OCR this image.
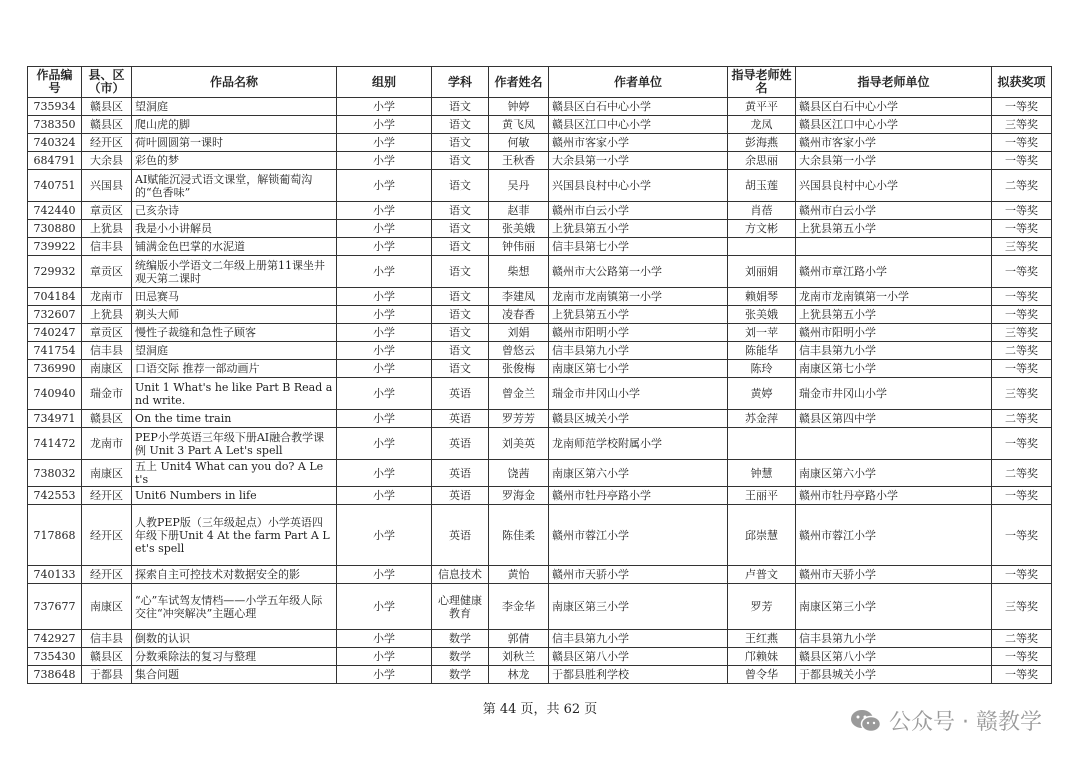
作品编号	县、区（市）	作品名称	组别	学科	作者姓名	作者单位	指导老师姓名	指导老师单位	拟获奖项
735934	赣县区	望洞庭	小学	语文	钟婷	赣县区白石中心小学	黄平平	赣县区白石中心小学	一等奖
738350	赣县区	爬山虎的脚	小学	语文	黄飞凤	赣县区江口中心小学	龙凤	赣县区江口中心小学	三等奖
740324	经开区	荷叶圆圆第一课时	小学	语文	何敏	赣州市客家小学	彭海燕	赣州市客家小学	一等奖
684791	大余县	彩色的梦	小学	语文	王秋香	大余县第一小学	余思丽	大余县第一小学	一等奖
740751	兴国县	AI赋能沉浸式语文课堂，解锁葡萄沟的“色香味”	小学	语文	吴丹	兴国县良村中心小学	胡玉莲	兴国县良村中心小学	二等奖
742440	章贡区	己亥杂诗	小学	语文	赵菲	赣州市白云小学	肖蓓	赣州市白云小学	一等奖
730880	上犹县	我是小小讲解员	小学	语文	张美娥	上犹县第五小学	方文彬	上犹县第五小学	一等奖
739922	信丰县	铺满金色巴掌的水泥道	小学	语文	钟伟丽	信丰县第七小学			三等奖
729932	章贡区	统编版小学语文二年级上册第11课坐井观天第二课时	小学	语文	柴想	赣州市大公路第一小学	刘丽娟	赣州市章江路小学	一等奖
704184	龙南市	田忌赛马	小学	语文	李建凤	龙南市龙南镇第一小学	赖娟琴	龙南市龙南镇第一小学	一等奖
732607	上犹县	剃头大师	小学	语文	凌春香	上犹县第五小学	张美娥	上犹县第五小学	一等奖
740247	章贡区	慢性子裁缝和急性子顾客	小学	语文	刘娟	赣州市阳明小学	刘一苹	赣州市阳明小学	三等奖
741754	信丰县	望洞庭	小学	语文	曾悠云	信丰县第九小学	陈能华	信丰县第九小学	二等奖
736990	南康区	口语交际 推荐一部动画片	小学	语文	张俊梅	南康区第七小学	陈玲	南康区第七小学	一等奖
740940	瑞金市	Unit 1 What's he like Part B Read and write.	小学	英语	曾金兰	瑞金市井冈山小学	黄婷	瑞金市井冈山小学	三等奖
734971	赣县区	On the time train	小学	英语	罗芳芳	赣县区城关小学	苏金萍	赣县区第四中学	二等奖
741472	龙南市	PEP小学英语三年级下册AI融合教学课例 Unit 3 Part A Let's spell	小学	英语	刘美英	龙南师范学校附属小学			一等奖
738032	南康区	五上 Unit4 What can you do? A Let's	小学	英语	饶茜	南康区第六小学	钟慧	南康区第六小学	二等奖
742553	经开区	Unit6 Numbers in life	小学	英语	罗海金	赣州市牡丹亭路小学	王丽平	赣州市牡丹亭路小学	一等奖
717868	经开区	人教PEP版（三年级起点）小学英语四年级下册Unit 4 At the farm Part A Let's spell	小学	英语	陈佳柔	赣州市蓉江小学	邱崇慧	赣州市蓉江小学	一等奖
740133	经开区	探索自主可控技术对数据安全的影	小学	信息技术	黄怡	赣州市天骄小学	卢普文	赣州市天骄小学	一等奖
737677	南康区	“心”车试驾友情档——小学五年级人际交往“冲突解决”主题心理	小学	心理健康教育	李金华	南康区第三小学	罗芳	南康区第三小学	三等奖
742927	信丰县	倒数的认识	小学	数学	郭倩	信丰县第九小学	王红燕	信丰县第九小学	二等奖
735430	赣县区	分数乘除法的复习与整理	小学	数学	刘秋兰	赣县区第八小学	邝赖妹	赣县区第八小学	一等奖
738648	于都县	集合问题	小学	数学	林龙	于都县胜利学校	曾令华	于都县城关小学	一等奖
第 44 页，共 62 页
公众号 · 赣教学
